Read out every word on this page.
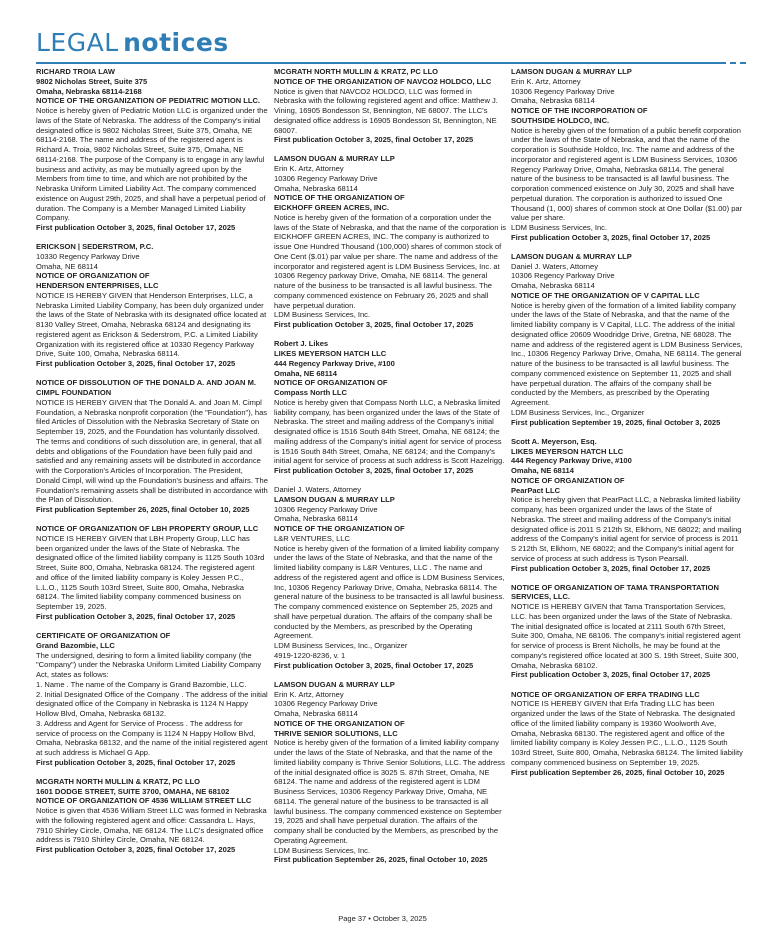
LEGAL notices

RICHARD TROIA LAW

9802 Nicholas Street, Suite 375

Omaha, Nebraska 68114-2168

NOTICE OF THE ORGANIZATION OF PEDIATRIC MOTION LLC.

Notice is hereby given of Pediatric Motion LLC is organized under the laws of the State of Nebraska. The address of the Company's initial designated office is 9802 Nicholas Street, Suite 375, Omaha, NE 68114-2168. The name and address of the registered agent is Richard A. Troia, 9802 Nicholas Street, Suite 375, Omaha, NE 68114-2168. The purpose of the Company is to engage in any lawful business and activity, as may be mutually agreed upon by the Members from time to time, and which are not prohibited by the Nebraska Uniform Limited Liability Act. The company commenced existence on August 29th, 2025, and shall have a perpetual period of duration. The Company is a Member Managed Limited Liability Company.

First publication October 3, 2025, final October 17, 2025

ERICKSON | SEDERSTROM, P.C.

10330 Regency Parkway Drive

Omaha, NE 68114

NOTICE OF ORGANIZATION OF

HENDERSON ENTERPRISES, LLC

NOTICE IS HEREBY GIVEN that Henderson Enterprises, LLC, a Nebraska Limited Liability Company, has been duly organized under the laws of the State of Nebraska with its designated office located at 8130 Valley Street, Omaha, Nebraska 68124 and designating its registered agent as Erickson & Sederstrom, P.C. a Limited Liability Organization with its registered office at 10330 Regency Parkway Drive, Suite 100, Omaha, Nebraska 68114.

First publication October 3, 2025, final October 17, 2025

NOTICE OF DISSOLUTION OF THE DONALD A. AND JOAN M. CIMPL FOUNDATION

NOTICE IS HEREBY GIVEN that The Donald A. and Joan M. Cimpl Foundation, a Nebraska nonprofit corporation (the "Foundation"), has filed Articles of Dissolution with the Nebraska Secretary of State on September 19, 2025, and the Foundation has voluntarily dissolved. The terms and conditions of such dissolution are, in general, that all debts and obligations of the Foundation have been fully paid and satisfied and any remaining assets will be distributed in accordance with the Corporation's Articles of Incorporation. The President, Donald Cimpl, will wind up the Foundation's business and affairs. The Foundation's remaining assets shall be distributed in accordance with the Plan of Dissolution.

First publication September 26, 2025, final October 10, 2025

NOTICE OF ORGANIZATION OF LBH PROPERTY GROUP, LLC

NOTICE IS HEREBY GIVEN that LBH Property Group, LLC has been organized under the laws of the State of Nebraska. The designated office of the limited liability company is 1125 South 103rd Street, Suite 800, Omaha, Nebraska 68124. The registered agent and office of the limited liability company is Koley Jessen P.C., L.L.O., 1125 South 103rd Street, Suite 800, Omaha, Nebraska 68124. The limited liability company commenced business on September 19, 2025.

First publication October 3, 2025, final October 17, 2025

CERTIFICATE OF ORGANIZATION OF

Grand Bazombie, LLC

The undersigned, desiring to form a limited liability company (the "Company") under the Nebraska Uniform Limited Liability Company Act, states as follows:

1. Name . The name of the Company is Grand Bazombie, LLC.

2. Initial Designated Office of the Company . The address of the initial designated office of the Company in Nebraska is 1124 N Happy Hollow Blvd, Omaha, Nebraska 68132.

3. Address and Agent for Service of Process . The address for service of process on the Company is 1124 N Happy Hollow Blvd, Omaha, Nebraska 68132, and the name of the initial registered agent at such address is Michael G App.

First publication October 3, 2025, final October 17, 2025

MCGRATH NORTH MULLIN & KRATZ, PC LLO

1601 DODGE STREET, SUITE 3700, OMAHA, NE 68102

NOTICE OF ORGANIZATION OF 4536 WILLIAM STREET LLC

Notice is given that 4536 William Street LLC was formed in Nebraska with the following registered agent and office: Cassandra L. Hays, 7910 Shirley Circle, Omaha, NE 68124. The LLC's designated office address is 7910 Shirley Circle, Omaha, NE 68124.

First publication October 3, 2025, final October 17, 2025

MCGRATH NORTH MULLIN & KRATZ, PC LLO

NOTICE OF THE ORGANIZATION OF NAVCO2 HOLDCO, LLC

Notice is given that NAVCO2 HOLDCO, LLC was formed in Nebraska with the following registered agent and office: Matthew J. Vining, 16905 Bondesson St, Bennington, NE 68007. The LLC's designated office address is 16905 Bondesson St, Bennington, NE 68007.

First publication October 3, 2025, final October 17, 2025

LAMSON DUGAN & MURRAY LLP

Erin K. Artz, Attorney

10306 Regency Parkway Drive

Omaha, Nebraska 68114

NOTICE OF THE ORGANIZATION OF

EICKHOFF GREEN ACRES, INC.

Notice is hereby given of the formation of a corporation under the laws of the State of Nebraska, and that the name of the corporation is EICKHOFF GREEN ACRES, INC. The company is authorized to issue One Hundred Thousand (100,000) shares of common stock of One Cent ($.01) par value per share. The name and address of the incorporator and registered agent is LDM Business Services, Inc. at 10306 Regency parkway Drive, Omaha, NE 68114. The general nature of the business to be transacted is all lawful business. The company commenced existence on February 26, 2025 and shall have perpetual duration.

LDM Business Services, Inc.

First publication October 3, 2025, final October 17, 2025

Robert J. Likes

LIKES MEYERSON HATCH LLC

444 Regency Parkway Drive, #100

Omaha, NE 68114

NOTICE OF ORGANIZATION OF

Compass North LLC

Notice is hereby given that Compass North LLC, a Nebraska limited liability company, has been organized under the laws of the State of Nebraska. The street and mailing address of the Company's initial designated office is 1516 South 84th Street, Omaha, NE 68124; the mailing address of the Company's initial agent for service of process is 1516 South 84th Street, Omaha, NE 68124; and the Company's initial agent for service of process at such address is Scott Hazelrigg.

First publication October 3, 2025, final October 17, 2025

Daniel J. Waters, Attorney

LAMSON DUGAN & MURRAY LLP

10306 Regency Parkway Drive

Omaha, Nebraska 68114

NOTICE OF THE ORGANIZATION OF

L&R VENTURES, LLC

Notice is hereby given of the formation of a limited liability company under the laws of the State of Nebraska, and that the name of the limited liability company is L&R Ventures, LLC . The name and address of the registered agent and office is LDM Business Services, Inc, 10306 Regency Parkway Drive, Omaha, Nebraska 68114. The general nature of the business to be transacted is all lawful business. The company commenced existence on September 25, 2025 and shall have perpetual duration. The affairs of the company shall be conducted by the Members, as prescribed by the Operating Agreement.

LDM Business Services, Inc., Organizer

4919-1220-8236, v. 1

First publication October 3, 2025, final October 17, 2025

LAMSON DUGAN & MURRAY LLP

Erin K. Artz, Attorney

10306 Regency Parkway Drive

Omaha, Nebraska 68114

NOTICE OF THE ORGANIZATION OF

THRIVE SENIOR SOLUTIONS, LLC

Notice is hereby given of the formation of a limited liability company under the laws of the State of Nebraska, and that the name of the limited liability company is Thrive Senior Solutions, LLC. The address of the initial designated office is 3025 S. 87th Street, Omaha, NE 68124. The name and address of the registered agent is LDM Business Services, 10306 Regency Parkway Drive, Omaha, NE 68114. The general nature of the business to be transacted is all lawful business. The company commenced existence on September 19, 2025 and shall have perpetual duration. The affairs of the company shall be conducted by the Members, as prescribed by the Operating Agreement.

LDM Business Services, Inc.

First publication September 26, 2025, final October 10, 2025

LAMSON DUGAN & MURRAY LLP

Erin K. Artz, Attorney

10306 Regency Parkway Drive

Omaha, Nebraska 68114

NOTICE OF THE INCORPORATION OF

SOUTHSIDE HOLDCO, INC.

Notice is hereby given of the formation of a public benefit corporation under the laws of the State of Nebraska, and that the name of the corporation is Southside Holdco, Inc. The name and address of the incorporator and registered agent is LDM Business Services, 10306 Regency Parkway Drive, Omaha, Nebraska 68114. The general nature of the business to be transacted is all lawful business. The corporation commenced existence on July 30, 2025 and shall have perpetual duration. The corporation is authorized to issued One Thousand (1, 000) shares of common stock at One Dollar ($1.00) par value per share.

LDM Business Services, Inc.

First publication October 3, 2025, final October 17, 2025

LAMSON DUGAN & MURRAY LLP

Daniel J. Waters, Attorney

10306 Regency Parkway Drive

Omaha, Nebraska 68114

NOTICE OF THE ORGANIZATION OF V CAPITAL LLC

Notice is hereby given of the formation of a limited liability company under the laws of the State of Nebraska, and that the name of the limited liability company is V Capital, LLC. The address of the initial designated office 20609 Woodridge Drive, Gretna, NE 68028. The name and address of the registered agent is LDM Business Services, Inc., 10306 Regency Parkway Drive, Omaha, NE 68114. The general nature of the business to be transacted is all lawful business. The company commenced existence on September 11, 2025 and shall have perpetual duration. The affairs of the company shall be conducted by the Members, as prescribed by the Operating Agreement.

LDM Business Services, Inc., Organizer

First publication September 19, 2025, final October 3, 2025

Scott A. Meyerson, Esq.

LIKES MEYERSON HATCH LLC

444 Regency Parkway Drive, #100

Omaha, NE 68114

NOTICE OF ORGANIZATION OF

PearPact LLC

Notice is hereby given that PearPact LLC, a Nebraska limited liability company, has been organized under the laws of the State of Nebraska. The street and mailing address of the Company's initial designated office is 2011 S 212th St, Elkhorn, NE 68022; and mailing address of the Company's initial agent for service of process is 2011 S 212th St, Elkhorn, NE 68022; and the Company's initial agent for service of process at such address is Tyson Pearsall.

First publication October 3, 2025, final October 17, 2025

NOTICE OF ORGANIZATION OF TAMA TRANSPORTATION SERVICES, LLC.

NOTICE IS HEREBY GIVEN that Tama Transportation Services, LLC. has been organized under the laws of the State of Nebraska. The initial designated office is located at 2111 South 67th Street, Suite 300, Omaha, NE 68106. The company's initial registered agent for service of process is Brent Nicholls, he may be found at the company's registered office located at 300 S. 19th Street, Suite 300, Omaha, Nebraska 68102.

First publication October 3, 2025, final October 17, 2025

NOTICE OF ORGANIZATION OF ERFA TRADING LLC

NOTICE IS HEREBY GIVEN that Erfa Trading LLC has been organized under the laws of the State of Nebraska. The designated office of the limited liability company is 19360 Woolworth Ave, Omaha, Nebraska 68130. The registered agent and office of the limited liability company is Koley Jessen P.C., L.L.O., 1125 South 103rd Street, Suite 800, Omaha, Nebraska 68124. The limited liability company commenced business on September 19, 2025.

First publication September 26, 2025, final October 10, 2025

Page 37 • October 3, 2025
